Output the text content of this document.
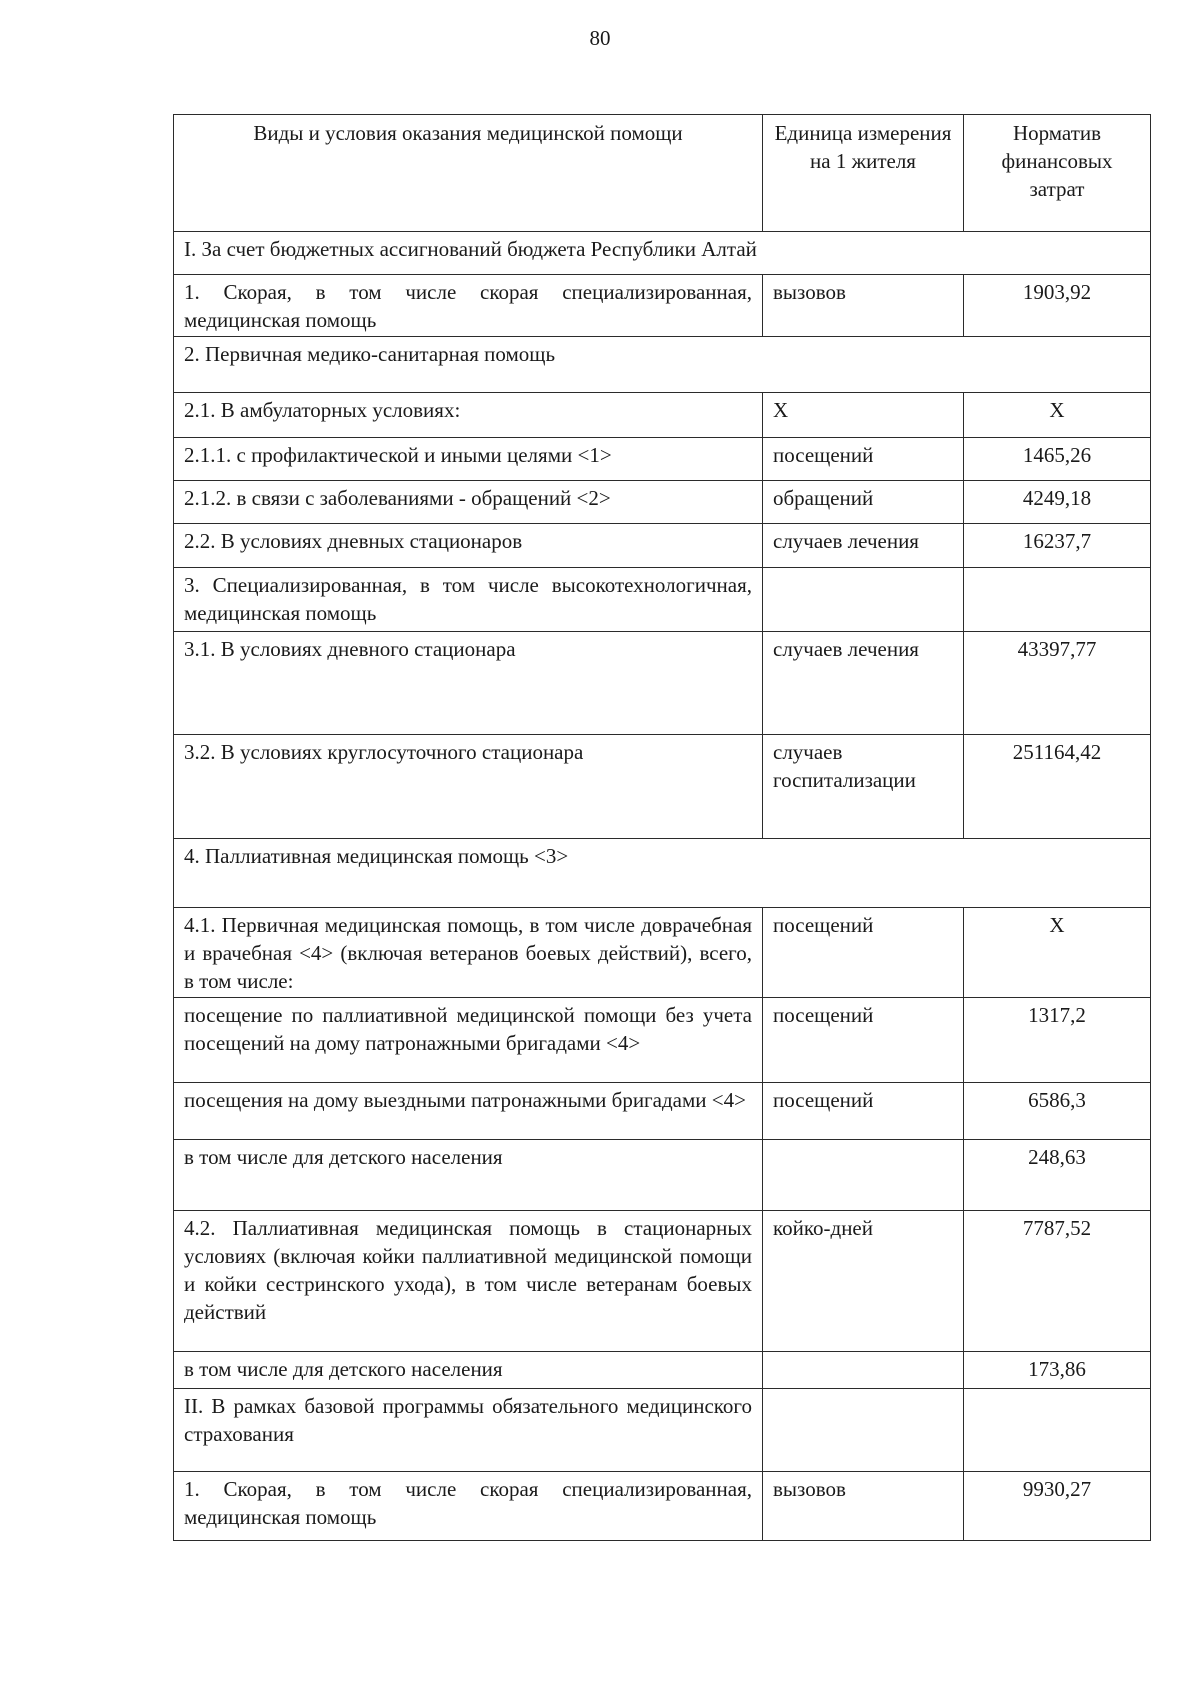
80
Виды и условия оказания медицинской помощи	Единица измерения на 1 жителя	Норматив финансовых затрат
I. За счет бюджетных ассигнований бюджета Республики Алтай		
1. Скорая, в том числе скорая специализированная, медицинская помощь	вызовов	1903,92
2. Первичная медико-санитарная помощь		
2.1. В амбулаторных условиях:	X	X
2.1.1. с профилактической и иными целями <1>	посещений	1465,26
2.1.2. в связи с заболеваниями - обращений <2>	обращений	4249,18
2.2. В условиях дневных стационаров	случаев лечения	16237,7
3. Специализированная, в том числе высокотехнологичная, медицинская помощь		
3.1. В условиях дневного стационара	случаев лечения	43397,77
3.2. В условиях круглосуточного стационара	случаев госпитализации	251164,42
4. Паллиативная медицинская помощь <3>		
4.1. Первичная медицинская помощь, в том числе доврачебная и врачебная <4> (включая ветеранов боевых действий), всего, в том числе:	посещений	X
посещение по паллиативной медицинской помощи без учета посещений на дому патронажными бригадами <4>	посещений	1317,2
посещения на дому выездными патронажными бригадами <4>	посещений	6586,3
в том числе для детского населения		248,63
4.2. Паллиативная медицинская помощь в стационарных условиях (включая койки паллиативной медицинской помощи и койки сестринского ухода), в том числе ветеранам боевых действий	койко-дней	7787,52
в том числе для детского населения		173,86
II. В рамках базовой программы обязательного медицинского страхования		
1. Скорая, в том числе скорая специализированная, медицинская помощь	вызовов	9930,27
